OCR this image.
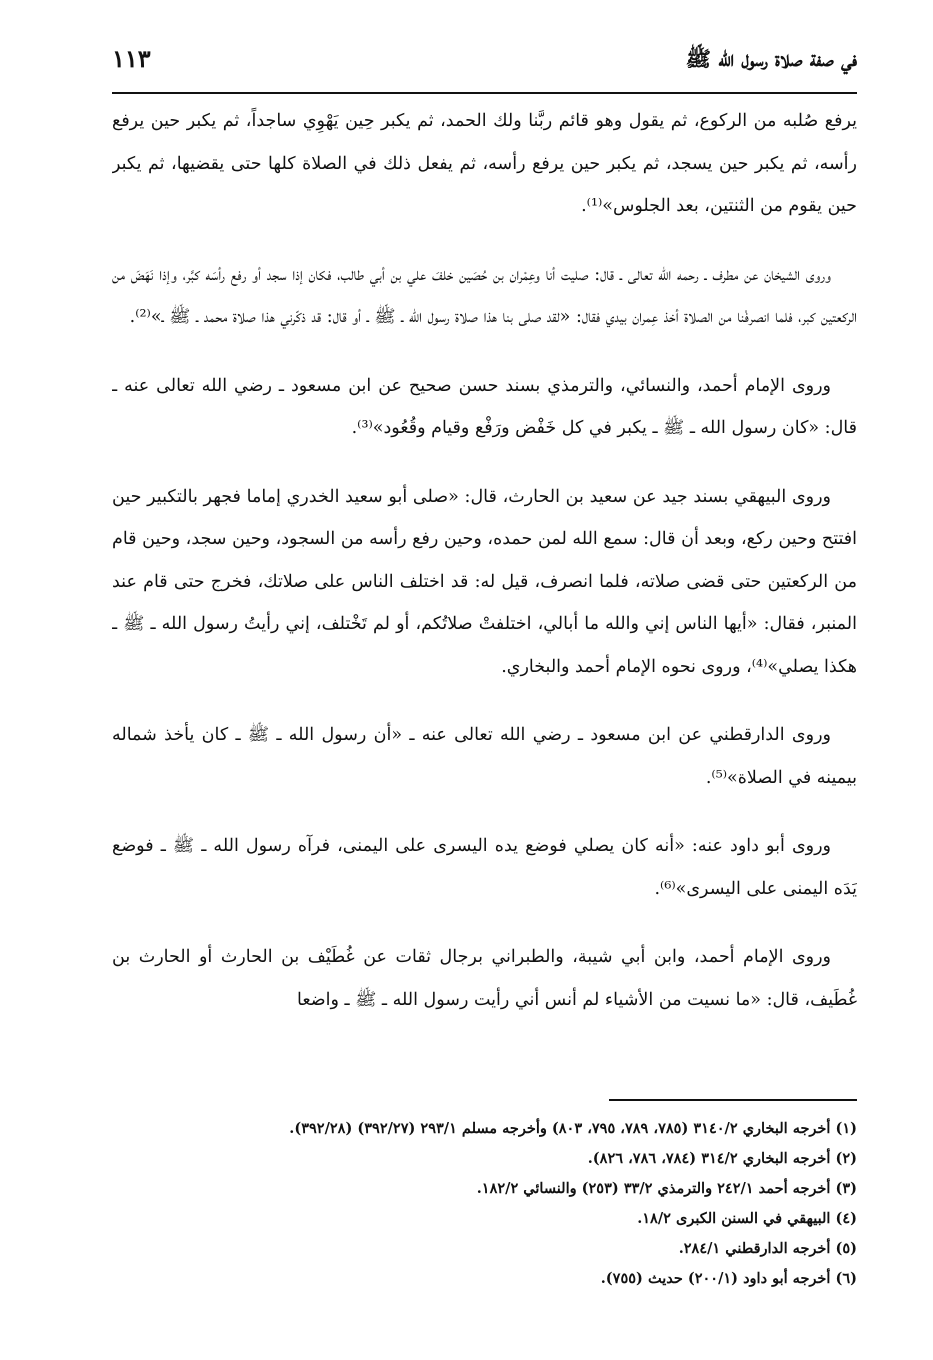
في صفة صلاة رسول الله ﷺ
١١٣

يرفع صُلبه من الركوع، ثم يقول وهو قائم ربَّنا ولك الحمد، ثم يكبر حِين يَهْوِي ساجداً، ثم يكبر حين يرفع رأسه، ثم يكبر حين يسجد، ثم يكبر حين يرفع رأسه، ثم يفعل ذلك في الصلاة كلها حتى يقضيها، ثم يكبر حين يقوم من الثنتين، بعد الجلوس»⁽¹⁾.

وروى الشيخان عن مطرف ـ رحمه الله تعالى ـ قال: صليت أنا وعِمْران بن حُصَين خلفَ علي بن أبي طالب، فكان إذا سجد أو رفع رأسَه كبَّر، وإذا نَهَضَ من الركعتين كبر، فلما انصرفْنا من الصلاة أخذ عِمران بيدي فقال: «لقد صلى بنا هذا صلاة رسول الله ـ ﷺ ـ أو قال: قد ذكّرني هذا صلاة محمد ـ ﷺ ـ»⁽²⁾.

وروى الإمام أحمد، والنسائي، والترمذي بسند حسن صحيح عن ابن مسعود ـ رضي الله تعالى عنه ـ قال: «كان رسول الله ـ ﷺ ـ يكبر في كل خَفْض ورَفْع وقيام وقُعُود»⁽³⁾.

وروى البيهقي بسند جيد عن سعيد بن الحارث، قال: «صلى أبو سعيد الخدري إماما فجهر بالتكبير حين افتتح وحين ركع، وبعد أن قال: سمع الله لمن حمده، وحين رفع رأسه من السجود، وحين سجد، وحين قام من الركعتين حتى قضى صلاته، فلما انصرف، قيل له: قد اختلف الناس على صلاتك، فخرج حتى قام عند المنبر، فقال: «أيها الناس إني والله ما أبالي، اختلفتْ صلاتُكم، أو لم تَخْتلف، إني رأيتُ رسول الله ـ ﷺ ـ هكذا يصلي»⁽⁴⁾، وروى نحوه الإمام أحمد والبخاري.

وروى الدارقطني عن ابن مسعود ـ رضي الله تعالى عنه ـ «أن رسول الله ـ ﷺ ـ كان يأخذ شماله بيمينه في الصلاة»⁽⁵⁾.

وروى أبو داود عنه: «أنه كان يصلي فوضع يده اليسرى على اليمنى، فرآه رسول الله ـ ﷺ ـ فوضع يَدَه اليمنى على اليسرى»⁽⁶⁾.

وروى الإمام أحمد، وابن أبي شيبة، والطبراني برجال ثقات عن غُطَيْف بن الحارث أو الحارث بن غُطَيف، قال: «ما نسيت من الأشياء لم أنس أني رأيت رسول الله ـ ﷺ ـ واضعا

(١) أخرجه البخاري ٣١٤٠/٢ (٧٨٥، ٧٨٩، ٧٩٥، ٨٠٣) وأخرجه مسلم ٢٩٣/١ (٣٩٢/٢٧) (٣٩٢/٢٨).

(٢) أخرجه البخاري ٣١٤/٢ (٧٨٤، ٧٨٦، ٨٢٦).

(٣) أخرجه أحمد ٢٤٢/١ والترمذي ٣٣/٢ (٢٥٣) والنسائي ١٨٢/٢.

(٤) البيهقي في السنن الكبرى ١٨/٢.

(٥) أخرجه الدارقطني ٢٨٤/١.

(٦) أخرجه أبو داود (٢٠٠/١) حديث (٧٥٥).
